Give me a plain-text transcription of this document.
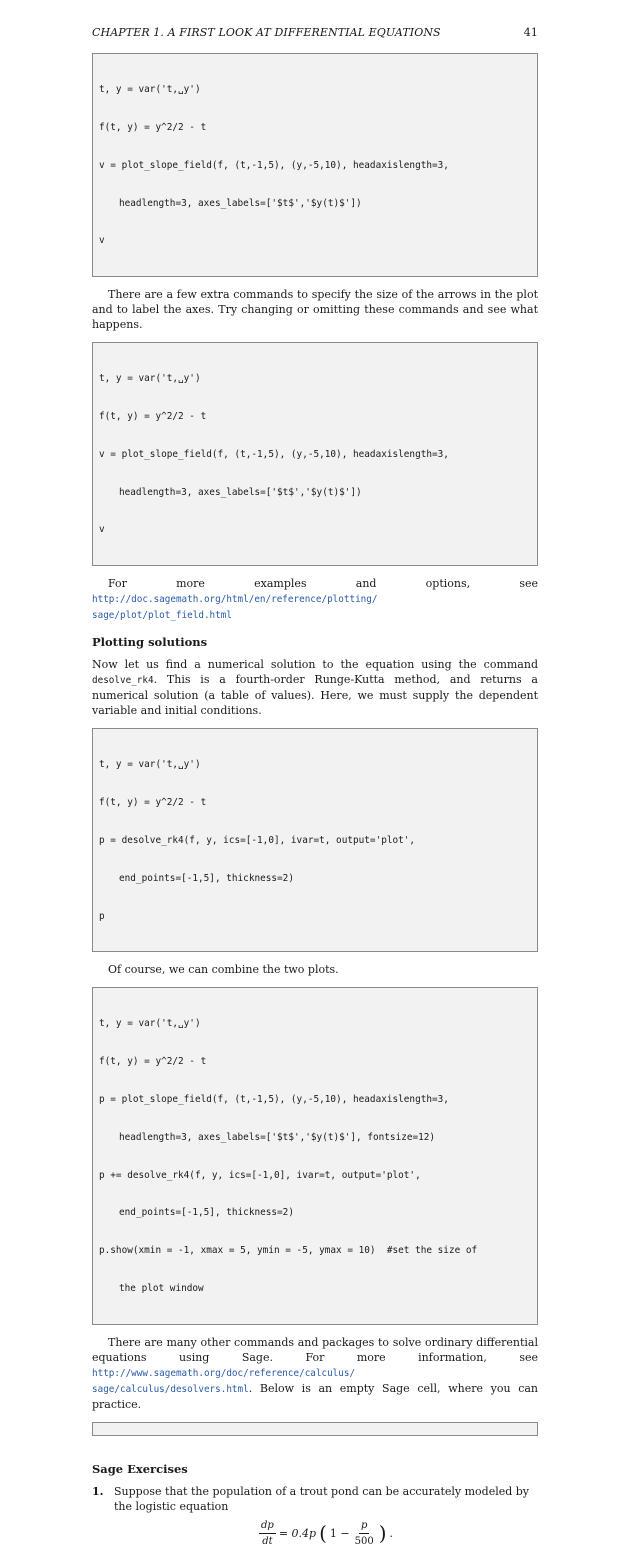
CHAPTER 1. A FIRST LOOK AT DIFFERENTIAL EQUATIONS	41

t, y = var('t,␣y')

f(t, y) = y^2/2 - t

v = plot_slope_field(f, (t,-1,5), (y,-5,10), headaxislength=3,

headlength=3, axes_labels=['$t$','$y(t)$'])

v

There are a few extra commands to specify the size of the arrows in the plot and to label the axes. Try changing or omitting these commands and see what happens.

t, y = var('t,␣y')

f(t, y) = y^2/2 - t

v = plot_slope_field(f, (t,-1,5), (y,-5,10), headaxislength=3,

headlength=3, axes_labels=['$t$','$y(t)$'])

v

For more examples and options, see http://doc.sagemath.org/html/en/reference/plotting/
sage/plot/plot_field.html

Plotting solutions

Now let us find a numerical solution to the equation using the command desolve_rk4. This is a fourth-order Runge-Kutta method, and returns a numerical solution (a table of values). Here, we must supply the dependent variable and initial conditions.

t, y = var('t,␣y')

f(t, y) = y^2/2 - t

p = desolve_rk4(f, y, ics=[-1,0], ivar=t, output='plot',

end_points=[-1,5], thickness=2)

p

Of course, we can combine the two plots.

t, y = var('t,␣y')

f(t, y) = y^2/2 - t

p = plot_slope_field(f, (t,-1,5), (y,-5,10), headaxislength=3,

headlength=3, axes_labels=['$t$','$y(t)$'], fontsize=12)

p += desolve_rk4(f, y, ics=[-1,0], ivar=t, output='plot',

end_points=[-1,5], thickness=2)

p.show(xmin = -1, xmax = 5, ymin = -5, ymax = 10)  #set the size of

the plot window

There are many other commands and packages to solve ordinary differential equations using Sage. For more information, see http://www.sagemath.org/doc/reference/calculus/
sage/calculus/desolvers.html. Below is an empty Sage cell, where you can practice.

Sage Exercises
1. Suppose that the population of a trout pond can be accurately modeled by the logistic equation
$\frac{dp}{dt} = 0.4p$ ( $1 - \frac{p}{500}$ ) .
